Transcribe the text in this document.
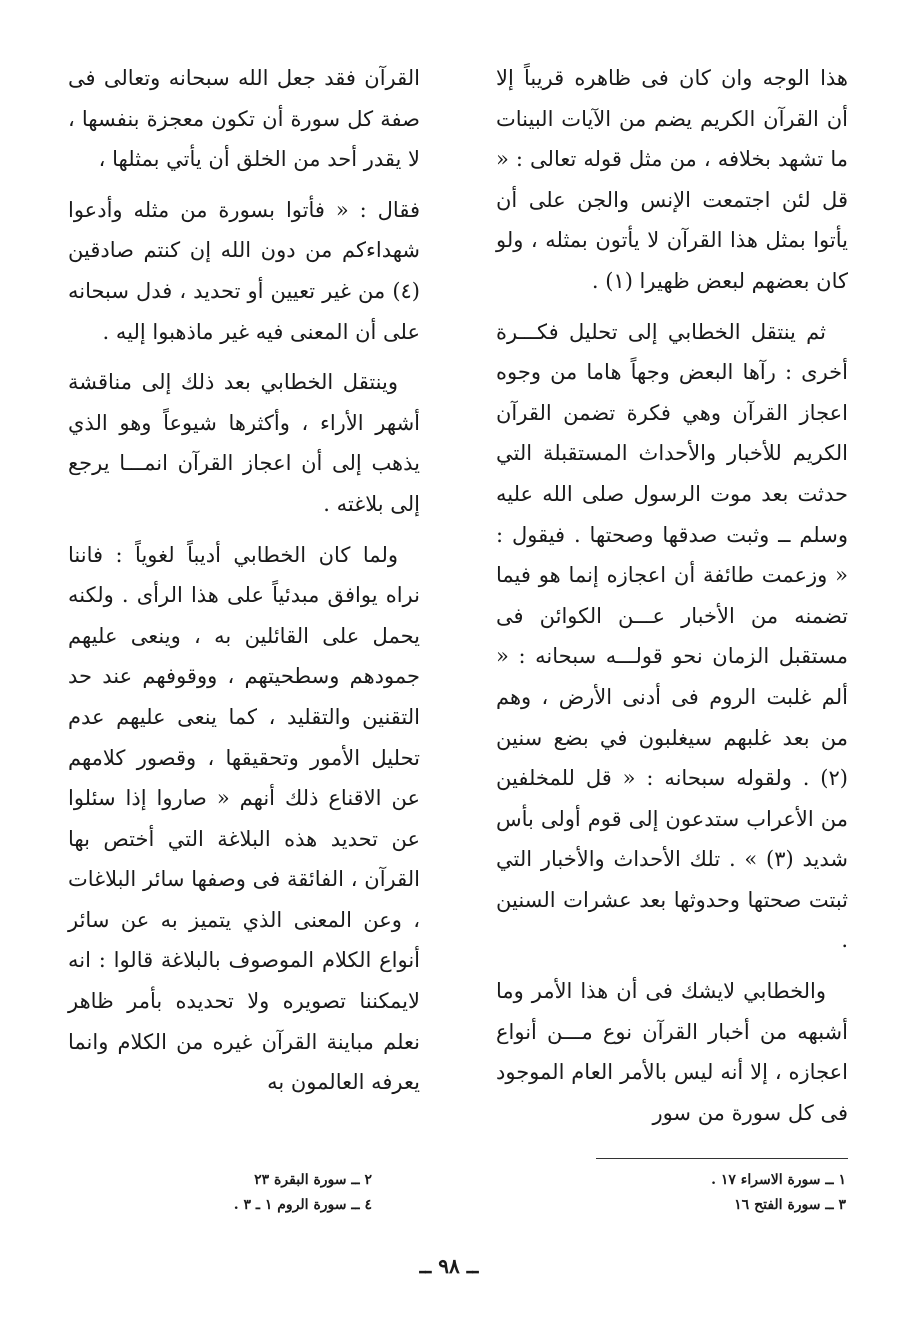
هذا الوجه وان كان فى ظاهره قريباً إلا أن القرآن الكريم يضم من الآيات البينات ما تشهد بخلافه ، من مثل قوله تعالى : « قل لئن اجتمعت الإنس والجن على أن يأتوا بمثل هذا القرآن لا يأتون بمثله ، ولو كان بعضهم لبعض ظهيرا (١) .

ثم ينتقل الخطابي إلى تحليل فكـــرة أخرى : رآها البعض وجهاً هاما من وجوه اعجاز القرآن وهي فكرة تضمن القرآن الكريم للأخبار والأحداث المستقبلة التي حدثت بعد موت الرسول صلى الله عليه وسلم ــ وثبت صدقها وصحتها . فيقول : « وزعمت طائفة أن اعجازه إنما هو فيما تضمنه من الأخبار عـــن الكوائن فى مستقبل الزمان نحو قولـــه سبحانه : « ألم غلبت الروم فى أدنى الأرض ، وهم من بعد غلبهم سيغلبون في بضع سنين (٢) . ولقوله سبحانه : « قل للمخلفين من الأعراب ستدعون إلى قوم أولى بأس شديد (٣) » . تلك الأحداث والأخبار التي ثبتت صحتها وحدوثها بعد عشرات السنين .

والخطابي لايشك فى أن هذا الأمر وما أشبهه من أخبار القرآن نوع مـــن أنواع اعجازه ، إلا أنه ليس بالأمر العام الموجود فى كل سورة من سور

القرآن فقد جعل الله سبحانه وتعالى فى صفة كل سورة أن تكون معجزة بنفسها ، لا يقدر أحد من الخلق أن يأتي بمثلها ،

فقال : « فأتوا بسورة من مثله وأدعوا شهداءكم من دون الله إن كنتم صادقين (٤) من غير تعيين أو تحديد ، فدل سبحانه على أن المعنى فيه غير ماذهبوا إليه .

وينتقل الخطابي بعد ذلك إلى مناقشة أشهر الأراء ، وأكثرها شيوعاً وهو الذي يذهب إلى أن اعجاز القرآن انمـــا يرجع إلى بلاغته .

ولما كان الخطابي أديباً لغوياً : فاننا نراه يوافق مبدئياً على هذا الرأى . ولكنه يحمل على القائلين به ، وينعى عليهم جمودهم وسطحيتهم ، ووقوفهم عند حد التقنين والتقليد ، كما ينعى عليهم عدم تحليل الأمور وتحقيقها ، وقصور كلامهم عن الاقناع ذلك أنهم « صاروا إذا سئلوا عن تحديد هذه البلاغة التي أختص بها القرآن ، الفائقة فى وصفها سائر البلاغات ، وعن المعنى الذي يتميز به عن سائر أنواع الكلام الموصوف بالبلاغة قالوا : انه لايمكننا تصويره ولا تحديده بأمر ظاهر نعلم مباينة القرآن غيره من الكلام وانما يعرفه العالمون به

١ ــ سورة الاسراء ١٧ .
٣ ــ سورة الفتح ١٦
٢ ــ سورة البقرة ٢٣
٤ ــ سورة الروم ١ ـ ٣ .
ــ ٩٨ ــ
